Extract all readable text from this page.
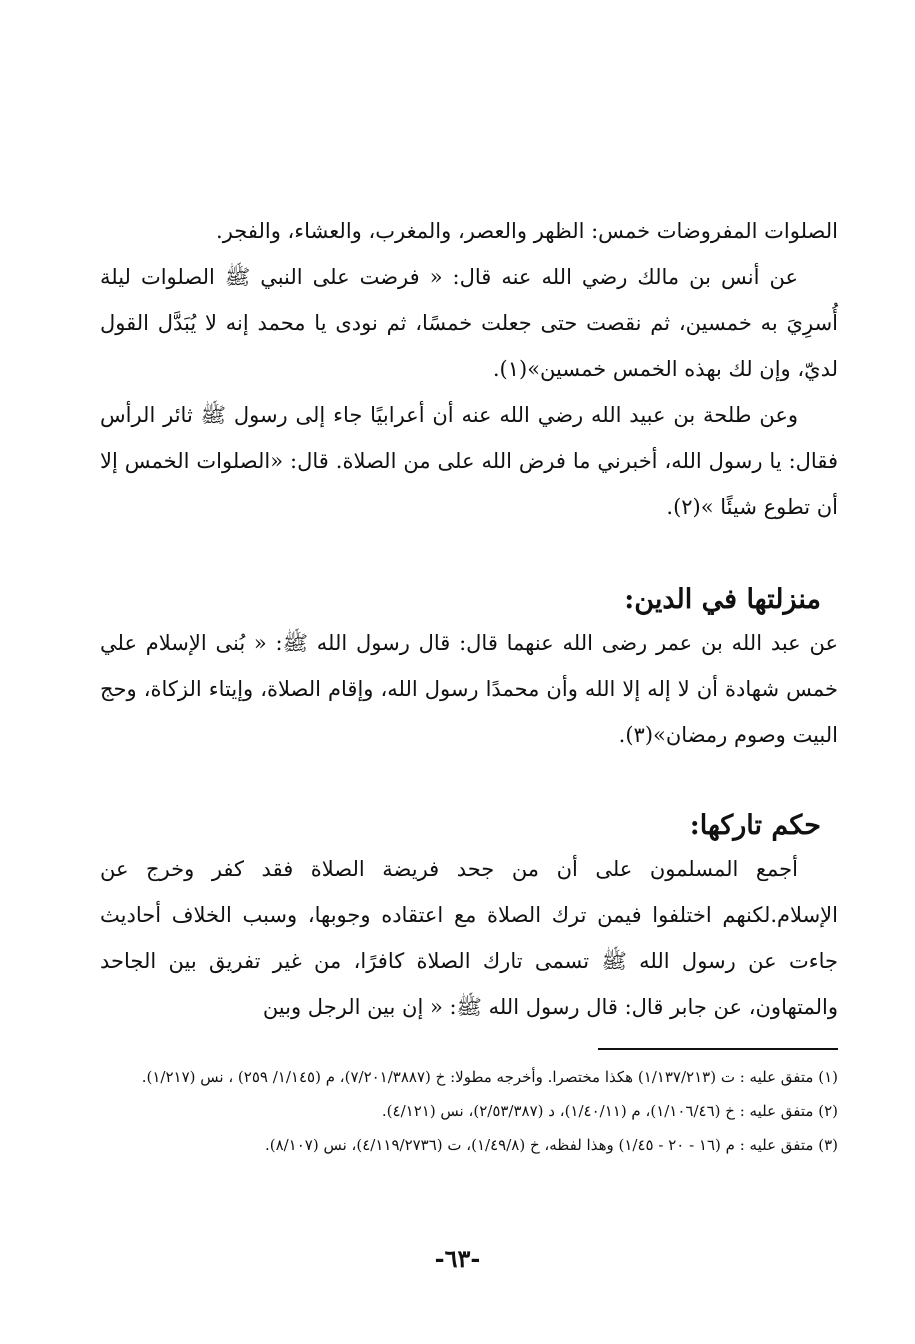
الصلوات المفروضات خمس: الظهر والعصر، والمغرب، والعشاء، والفجر.

عن أنس بن مالك رضي الله عنه قال: « فرضت على النبي ﷺ الصلوات ليلة أُسرِيَ به خمسين، ثم نقصت حتى جعلت خمسًا، ثم نودى يا محمد إنه لا يُبَدَّل القول لديّ، وإن لك بهذه الخمس خمسين»(١).

وعن طلحة بن عبيد الله رضي الله عنه أن أعرابيًا جاء إلى رسول ﷺ ثائر الرأس فقال: يا رسول الله، أخبرني ما فرض الله على من الصلاة. قال: «الصلوات الخمس إلا أن تطوع شيئًا »(٢).

منزلتها في الدين:

عن عبد الله بن عمر رضى الله عنهما قال: قال رسول الله ﷺ: « بُنى الإسلام علي خمس شهادة أن لا إله إلا الله وأن محمدًا رسول الله، وإقام الصلاة، وإيتاء الزكاة، وحج البيت وصوم رمضان»(٣).

حكم تاركها:

أجمع المسلمون على أن من جحد فريضة الصلاة فقد كفر وخرج عن الإسلام.لكنهم اختلفوا فيمن ترك الصلاة مع اعتقاده وجوبها، وسبب الخلاف أحاديث جاءت عن رسول الله ﷺ تسمى تارك الصلاة كافرًا، من غير تفريق بين الجاحد والمتهاون، عن جابر قال: قال رسول الله ﷺ: « إن بين الرجل وبين

(١) متفق عليه : ت (١/١٣٧/٢١٣) هكذا مختصرا. وأخرجه مطولا: خ (٧/٢٠١/٣٨٨٧)، م (١/١٤٥/ ٢٥٩) ، نس (١/٢١٧).

(٢) متفق عليه : خ (١/١٠٦/٤٦)، م (١/٤٠/١١)، د (٢/٥٣/٣٨٧)، نس (٤/١٢١).

(٣) متفق عليه : م (١٦ - ٢٠ - ١/٤٥) وهذا لفظه، خ (١/٤٩/٨)، ت (٤/١١٩/٢٧٣٦)، نس (٨/١٠٧).

-٦٣-
